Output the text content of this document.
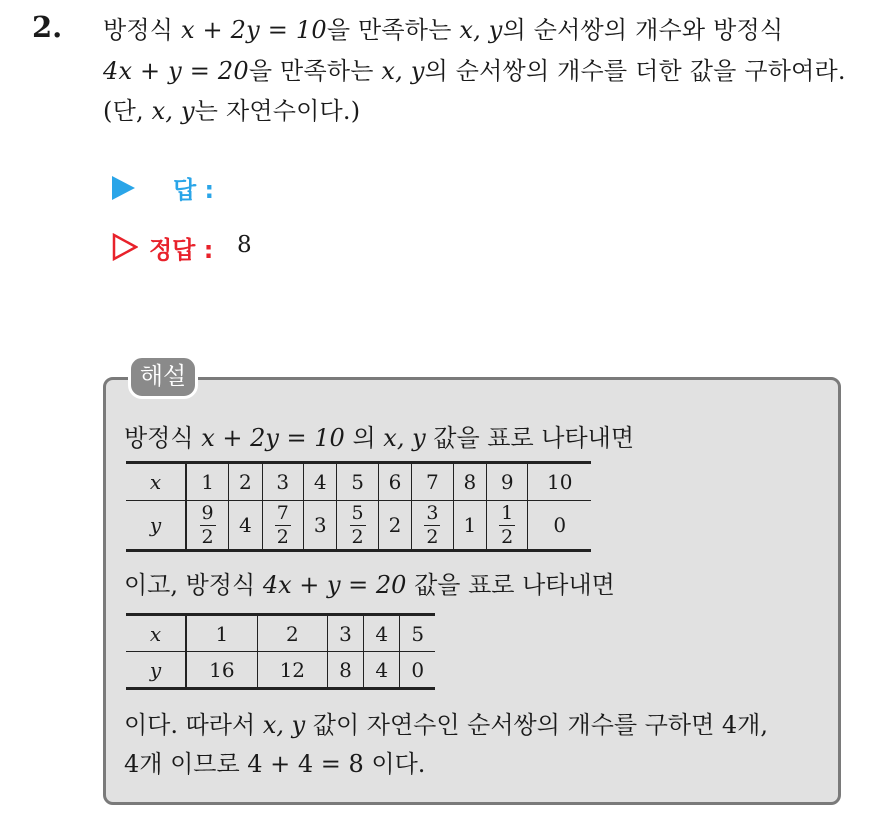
2. 방정식 x + 2y = 10을 만족하는 x, y의 순서쌍의 개수와 방정식
4x + y = 20을 만족하는 x, y의 순서쌍의 개수를 더한 값을 구하여라.
(단, x, y는 자연수이다.)
답 :
정답 : 8
해설
방정식 x + 2y = 10 의 x, y 값을 표로 나타내면
x	1	2	3	4	5	6	7	8	9	10
y	$\frac{9}{2}$	4	$\frac{7}{2}$	3	$\frac{5}{2}$	2	$\frac{3}{2}$	1	$\frac{1}{2}$	0
이고, 방정식 4x + y = 20 값을 표로 나타내면
x	1	2	3	4	5
y	16	12	8	4	0
이다. 따라서 x, y 값이 자연수인 순서쌍의 개수를 구하면 4개,
4개 이므로 4 + 4 = 8 이다.
